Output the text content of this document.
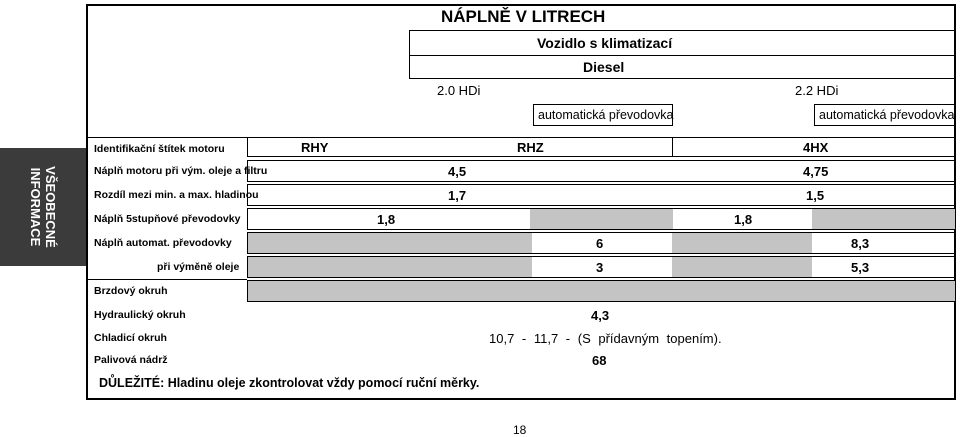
VŠEOBECNÉ
INFORMACE
NÁPLNĚ V LITRECH
Vozidlo s klimatizací
Diesel
2.0 HDi	2.2 HDi
automatická převodovka	automatická převodovka
Identifikační štítek motoru	RHY	RHZ	4HX
Náplň motoru při vým. oleje a filtru	4,5	4,75
Rozdíl mezi min. a max. hladinou	1,7	1,5
Náplň 5stupňové převodovky	1,8	1,8
Náplň automat. převodovky	6	8,3
při výměně oleje	3	5,3
Brzdový okruh
Hydraulický okruh	4,3
Chladicí okruh	10,7 - 11,7 - (S přídavným topením).
Palivová nádrž	68
DŮLEŽITÉ: Hladinu oleje zkontrolovat vždy pomocí ruční měrky.
18
